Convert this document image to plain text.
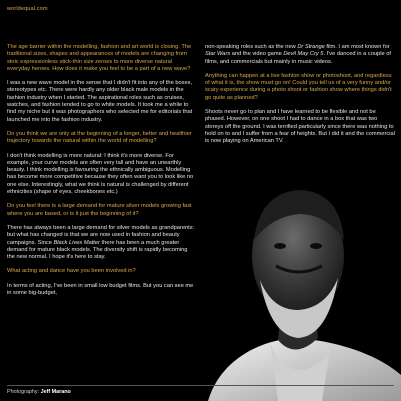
worldequal.com

The age barrier within the modelling, fashion and art world is closing. The traditional sizes, shapes and appearances of models are changing from stoic expressionless stick-thin size zeroes to more diverse natural everyday heroes. How does it make you feel to be a part of a new wave?

I was a new wave model in the sense that I didn't fit into any of the boxes, stereotypes etc. There were hardly any older black male models in the fashion industry when I started. The aspirational roles such as cruises, watches, and fashion tended to go to white models. It took me a while to find my niche but it was photographers who selected me for editorials that launched me into the fashion industry.

Do you think we are only at the beginning of a longer, better and healthier trajectory towards the natural within the world of modelling?

I don't think modelling is more natural: I think it's more diverse. For example, your curve models are often very tall and have an unearthly beauty. I think modelling is favouring the ethnically ambiguous. Modelling has become more competitive because they often want you to look like no one else. Interestingly, what we think is natural is challenged by different ethnicities (shape of eyes, cheekbones etc.)

Do you feel there is a large demand for mature silver models growing fast where you are based, or is it just the beginning of it?

There has always been a large demand for silver models as grandparents: but what has changed is that we are now used in fashion and beauty campaigns. Since Black Lives Matter there has been a much greater demand for mature black models. The diversity shift is rapidly becoming the new normal. I hope it's here to stay.

What acting and dance have you been involved in?

In terms of acting, I've been in small low budget films. But you can see me in some big-budget,

non-speaking roles such as the new Dr Strange film. I am most known for Star Wars and the video game Devil May Cry 5. I've danced in a couple of films, and commercials but mainly in music videos.

Anything can happen at a live fashion show or photoshoot, and regardless of what it is, the show must go on! Could you tell us of a very funny and/or scary experience during a photo shoot or fashion show where things didn't go quite as planned?

Shoots never go to plan and I have learned to be flexible and not be phased. However, on one shoot I had to dance in a box that was two storeys off the ground. I was terrified particularly since there was nothing to hold on to and I suffer from a fear of heights. But I did it and the commercial is now playing on American TV.

Photography: Jeff Marano
